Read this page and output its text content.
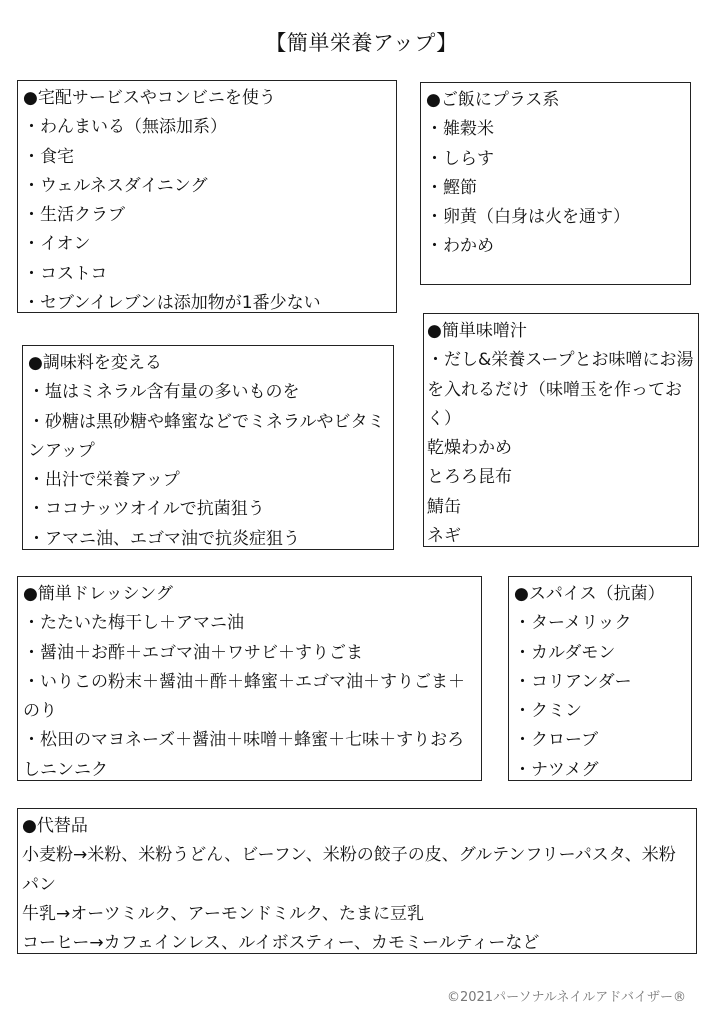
【簡単栄養アップ】
●宅配サービスやコンビニを使う
・わんまいる（無添加系）
・食宅
・ウェルネスダイニング
・生活クラブ
・イオン
・コストコ
・セブンイレブンは添加物が1番少ない
●ご飯にプラス系
・雑穀米
・しらす
・鰹節
・卵黄（白身は火を通す）
・わかめ
●簡単味噌汁
・だし&栄養スープとお味噌にお湯を入れるだけ（味噌玉を作っておく）
乾燥わかめ
とろろ昆布
鯖缶
ネギ
●調味料を変える
・塩はミネラル含有量の多いものを
・砂糖は黒砂糖や蜂蜜などでミネラルやビタミンアップ
・出汁で栄養アップ
・ココナッツオイルで抗菌狙う
・アマニ油、エゴマ油で抗炎症狙う
●簡単ドレッシング
・たたいた梅干し＋アマニ油
・醤油＋お酢＋エゴマ油＋ワサビ＋すりごま
・いりこの粉末＋醤油＋酢＋蜂蜜＋エゴマ油＋すりごま＋のり
・松田のマヨネーズ＋醤油＋味噌＋蜂蜜＋七味＋すりおろしニンニク
●スパイス（抗菌）
・ターメリック
・カルダモン
・コリアンダー
・クミン
・クローブ
・ナツメグ
●代替品
小麦粉→米粉、米粉うどん、ビーフン、米粉の餃子の皮、グルテンフリーパスタ、米粉パン
牛乳→オーツミルク、アーモンドミルク、たまに豆乳
コーヒー→カフェインレス、ルイボスティー、カモミールティーなど
©2021パーソナルネイルアドバイザー®
